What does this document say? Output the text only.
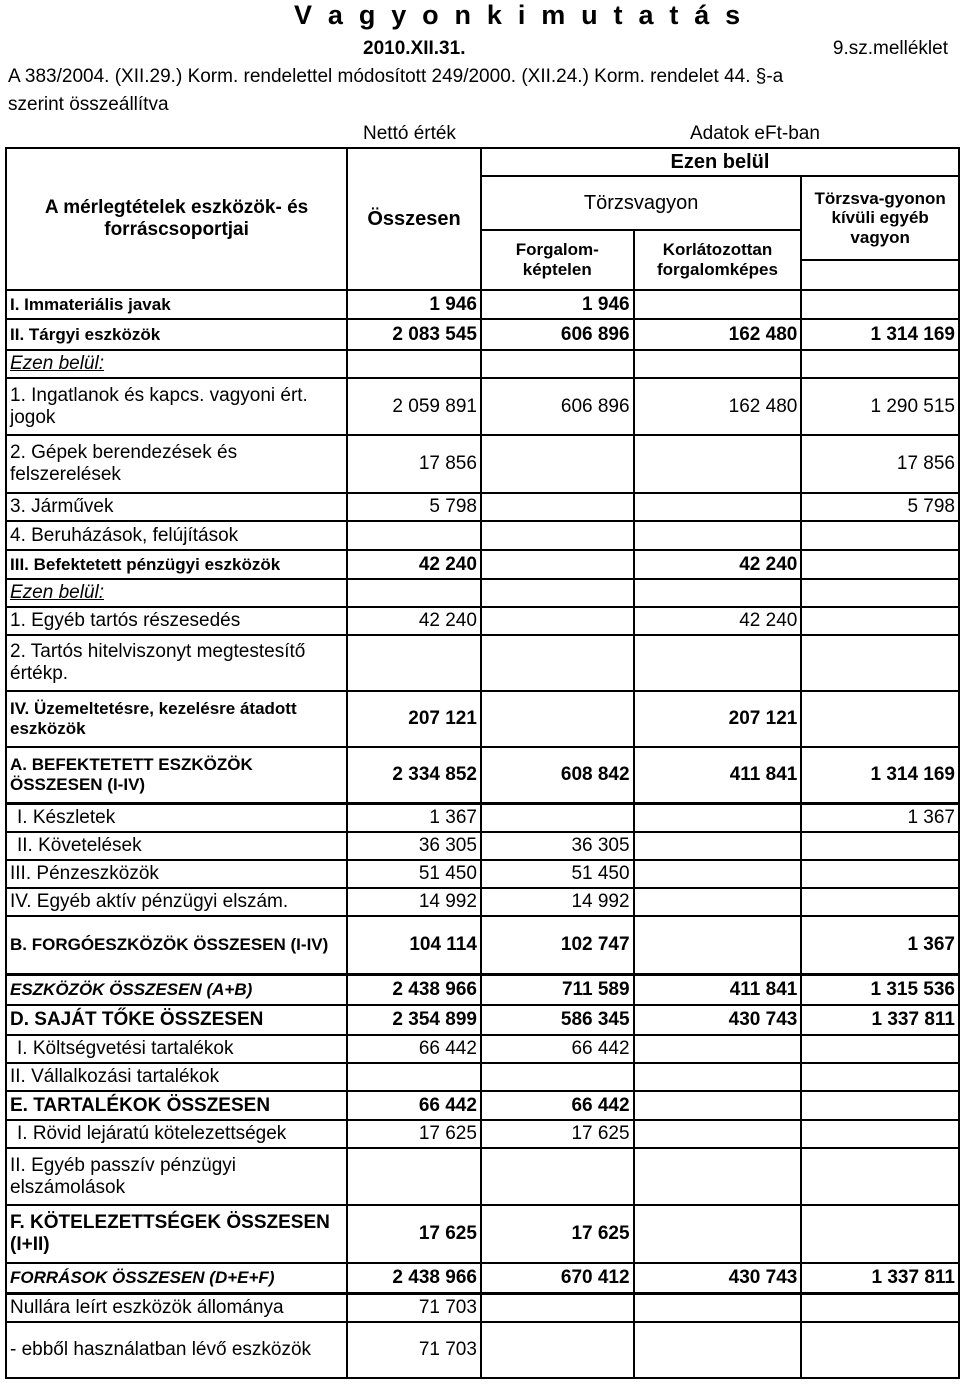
V a g y o n k i m u t a t á s
2010.XII.31.	9.sz.melléklet
A 383/2004. (XII.29.) Korm. rendelettel módosított 249/2000. (XII.24.) Korm. rendelet 44. §-a
szerint összeállítva
Nettó érték	Adatok eFt-ban
A mérlegtételek eszközök- és forráscsoportjai	Összesen	Ezen belül		
		Törzsvagyon		Törzsva-gyonon kívüli egyéb vagyon
		Forgalom-képtelen	Korlátozottan forgalomképes	

I. Immateriális javak	1 946	1 946		
II. Tárgyi eszközök	2 083 545	606 896	162 480	1 314 169
Ezen belül:				
1. Ingatlanok és kapcs. vagyoni ért. jogok	2 059 891	606 896	162 480	1 290 515
2. Gépek berendezések és felszerelések	17 856			17 856
3. Járművek	5 798			5 798
4. Beruházások, felújítások				
III. Befektetett pénzügyi eszközök	42 240		42 240	
Ezen belül:				
1. Egyéb tartós részesedés	42 240		42 240	
2. Tartós hitelviszonyt megtestesítő értékp.				
IV. Üzemeltetésre, kezelésre átadott eszközök	207 121		207 121	
A. BEFEKTETETT ESZKÖZÖK ÖSSZESEN (I-IV)	2 334 852	608 842	411 841	1 314 169
I. Készletek	1 367			1 367
II. Követelések	36 305	36 305		
III. Pénzeszközök	51 450	51 450		
IV. Egyéb aktív pénzügyi elszám.	14 992	14 992		
B. FORGÓESZKÖZÖK ÖSSZESEN (I-IV)	104 114	102 747		1 367
ESZKÖZÖK ÖSSZESEN (A+B)	2 438 966	711 589	411 841	1 315 536
D. SAJÁT TŐKE ÖSSZESEN	2 354 899	586 345	430 743	1 337 811
I. Költségvetési tartalékok	66 442	66 442		
II. Vállalkozási tartalékok				
E. TARTALÉKOK ÖSSZESEN	66 442	66 442		
I. Rövid lejáratú kötelezettségek	17 625	17 625		
II. Egyéb passzív pénzügyi elszámolások				
F. KÖTELEZETTSÉGEK ÖSSZESEN (I+II)	17 625	17 625		
FORRÁSOK ÖSSZESEN (D+E+F)	2 438 966	670 412	430 743	1 337 811
Nullára leírt eszközök állománya	71 703			
- ebből használatban lévő eszközök	71 703			
